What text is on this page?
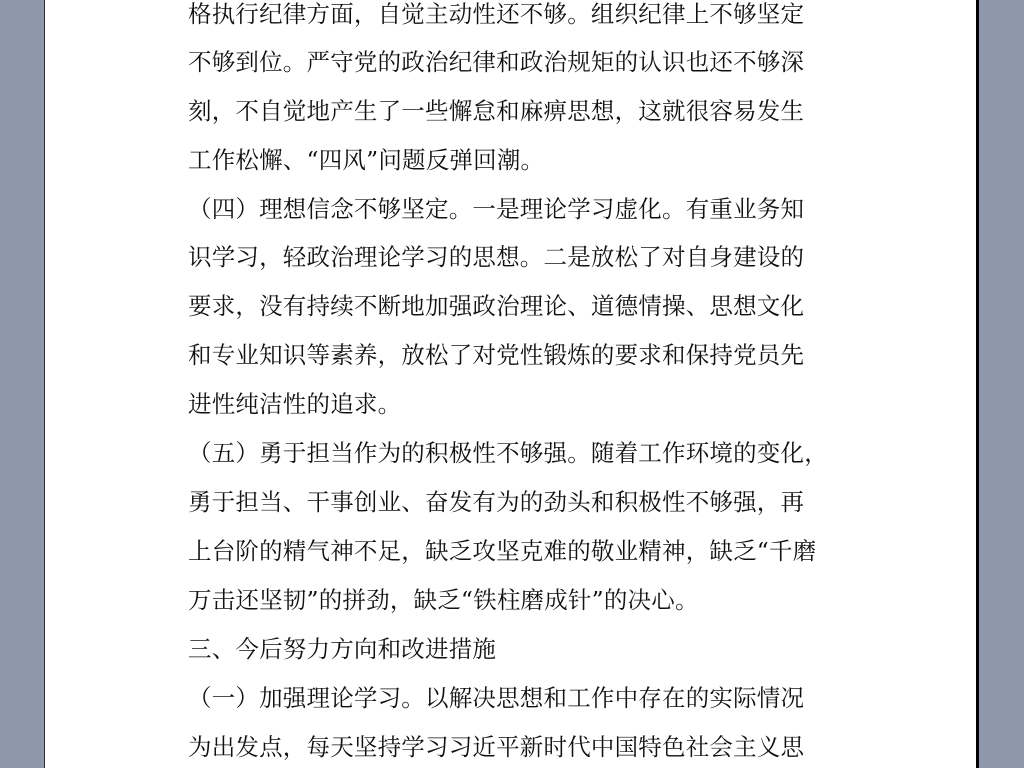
格执行纪律方面，自觉主动性还不够。组织纪律上不够坚定
不够到位。严守党的政治纪律和政治规矩的认识也还不够深
刻，不自觉地产生了一些懈怠和麻痹思想，这就很容易发生
工作松懈、“四风”问题反弹回潮。
（四）理想信念不够坚定。一是理论学习虚化。有重业务知
识学习，轻政治理论学习的思想。二是放松了对自身建设的
要求，没有持续不断地加强政治理论、道德情操、思想文化
和专业知识等素养，放松了对党性锻炼的要求和保持党员先
进性纯洁性的追求。
（五）勇于担当作为的积极性不够强。随着工作环境的变化，
勇于担当、干事创业、奋发有为的劲头和积极性不够强，再
上台阶的精气神不足，缺乏攻坚克难的敬业精神，缺乏“千磨
万击还坚韧”的拼劲，缺乏“铁柱磨成针”的决心。
三、今后努力方向和改进措施
（一）加强理论学习。以解决思想和工作中存在的实际情况
为出发点，每天坚持学习习近平新时代中国特色社会主义思
